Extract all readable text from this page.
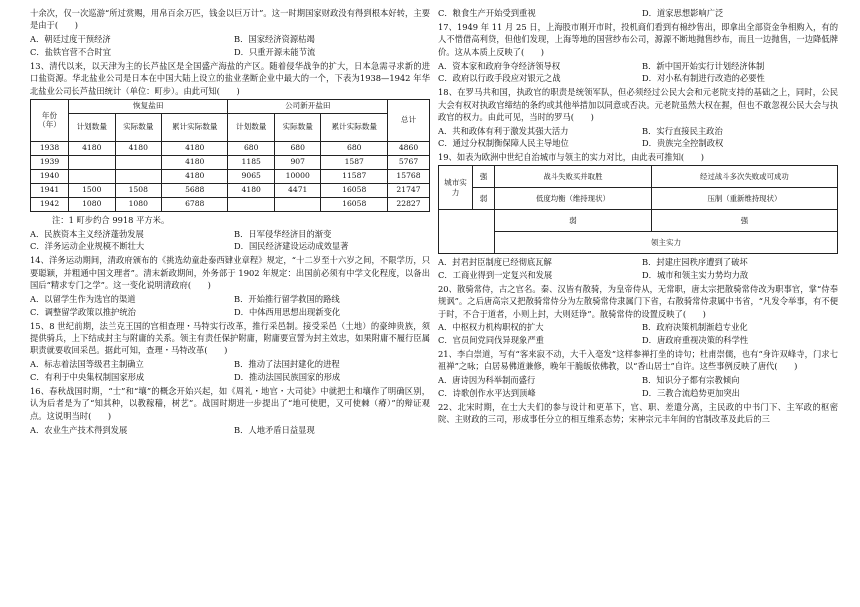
十余次，仅一次巡游“所过赏赐，用帛百余万匹，钱金以巨万计”。这一时期国家财政没有得到根本好转，主要是由于(　　)

A．朝廷过度干预经济	B．国家经济资源枯竭
C．盐铁官营不合时宜	D．只重开源未能节流

13、清代以来，以天津为主的长芦盐区是全国盛产海盐的产区。随着侵华战争的扩大，日本急需寻求新的进口盐资源。华北盐业公司是日本在中国大陆上设立的盐业垄断企业中最大的一个，下表为1938—1942 年华北盐业公司长芦盐田统计（单位：町步）。由此可知(　　)

年份（年）	恢复盐田			公司新开盐田			总计
	计划数量	实际数量	累计实际数量	计划数量	实际数量	累计实际数量	
1938	4180	4180	4180	680	680	680	4860
1939			4180	1185	907	1587	5767
1940			4180	9065	10000	11587	15768
1941	1500	1508	5688	4180	4471	16058	21747
1942	1080	1080	6788			16058	22827

注：1 町步约合 9918 平方米。

A．民族资本主义经济蓬勃发展	B．日军侵华经济目的渐变
C．洋务运动企业规模不断壮大	D．国民经济建设运动成效显著

14、洋务运动期间，清政府颁布的《挑选幼童赴泰西肄业章程》规定，“十二岁至十六岁之间，不限学历，只要聪颖，并粗通中国文理者”。清末新政期间，外务部于 1902 年规定：出国前必须有中学文化程度，以备出国后“精求专门之学”。这一变化说明清政府(　　)

A．以留学生作为选官的渠道	B．开始推行留学救国的路线
C．调整留学政策以推护统治	D．中体西用思想出现新变化

15、8 世纪前期，法兰克王国的宫相查理・马特实行改革，推行采邑制。接受采邑（土地）的豪绅贵族，须提供骑兵，上下结成封主与附庸的关系。领主有责任保护附庸，附庸要宣誓为封主效忠，如果附庸不履行臣属职责就要收回采邑。据此可知，查理・马特改革(　　)

A．标志着法国等级君主制确立	B．推动了法国封建化的进程
C．有利于中央集权制国家形成	D．推动法国民族国家的形成

16、春秋战国时期，“士”和“壤”的概念开始兴起，如《周礼・地官・大司徒》中就把土和壤作了明确区别，认为后者是为了“知其种，以教稼穑，树艺”。战国时期进一步提出了“地可使肥，又可使棘（瘠）”的辩证观点。这说明当时(　　)

A．农业生产技术得到发展	B．人地矛盾日益显现
C．粮食生产开始受到重视	D．道家思想影响广泛

17、1949 年 11 月 25 日，上海股市刚开市时，投机商们看到有棉纱售出，即拿出全部资金争相购入，有的人不惜借高利贷，但他们发现，上海等地的国营纱布公司，源源不断地抛售纱布，而且一边抛售，一边降低牌价。这从本质上反映了(　　)

A．资本家和政府争夺经济领导权	B．新中国开始实行计划经济体制
C．政府以行政手段应对银元之战	D．对小私有制进行改造的必要性

18、在罗马共和国，执政官的职责是统领军队，但必须经过公民大会和元老院支持的基础之上，同时，公民大会有权对执政官缔结的条约或其他举措加以同意或否决。元老院虽然大权在握，但也不敢忽视公民大会与执政官的权力。由此可见，当时的罗马(　　)

A．共和政体有利于激发其强大活力	B．实行直接民主政治
C．通过分权制衡保障人民主导地位	D．贵族完全控制政权

19、如表为欧洲中世纪自治城市与领主的实力对比，由此表可推知(　　)

城市实力	强	战斗失败买并取胜	经过战斗多次失败或可成功
	弱	低度均衡（维持现状）	压制（重新维持现状）
		弱	强
		领主实力	
A．封君封臣制度已经彻底瓦解	B．封建庄园秩序遭到了破坏
C．工商业得到一定复兴和发展	D．城市和领主实力势均力敌

20、散骑常侍，古之官名。秦、汉皆有散骑，为皇帝侍从，无常职，唐太宗把散骑常侍改为职事官，掌“侍奉规讽”。之后唐高宗又把散骑常侍分为左散骑常侍隶属门下省，右散骑常侍隶属中书省，“凡发令举事，有不便于时，不合于道者，小则上封，大则廷诤”。散骑常侍的设置反映了(　　)

A．中枢权力机构职权的扩大	B．政府决策机制渐趋专业化
C．官员间党同伐异现象严重	D．唐政府重视决策的科学性

21、李白崇道，写有“客来寂不动，大千入毫发”这样参禅打坐的诗句；杜甫崇儒，也有“身许双峰寺，门求七祖禅”之咏；白居易佛道兼修，晚年干脆皈依佛教，以“香山居士”自许。这些事例反映了唐代(　　)

A．唐诗因为科举制而盛行	B．知识分子都有宗教倾向
C．诗歌创作水平达到顶峰	D．三教合流趋势更加突出

22、北宋时期，在士大夫们的参与设计和更革下，官、职、差遣分离，主民政的中书门下、主军政的枢密院、主财政的三司，形成事任分立的相互维系态势；宋神宗元丰年间的官制改革及此后的三
